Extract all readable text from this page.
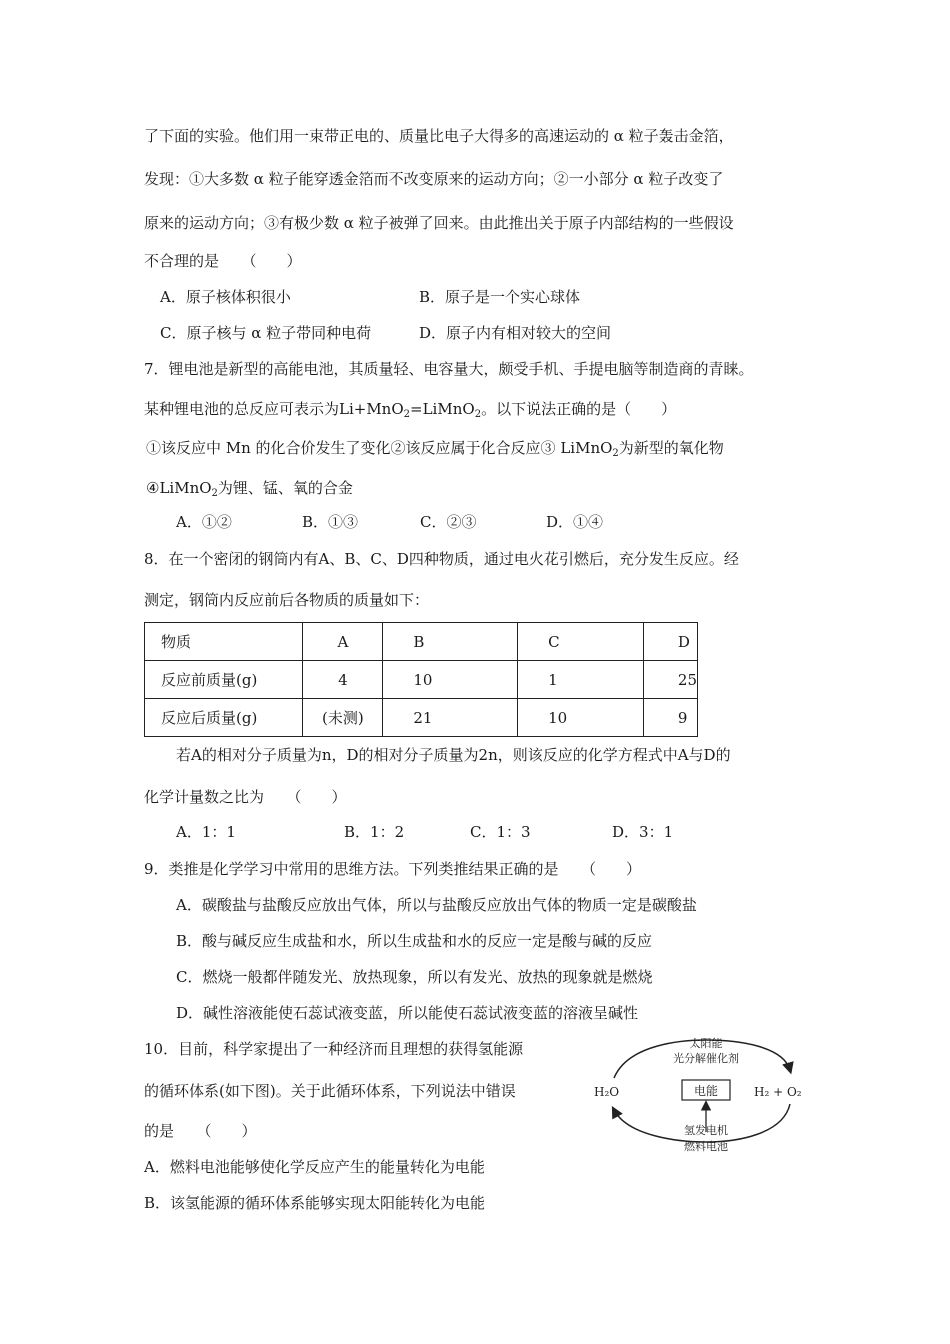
了下面的实验。他们用一束带正电的、质量比电子大得多的高速运动的 α 粒子轰击金箔，
发现：①大多数 α 粒子能穿透金箔而不改变原来的运动方向；②一小部分 α 粒子改变了
原来的运动方向；③有极少数 α 粒子被弹了回来。由此推出关于原子内部结构的一些假设
不合理的是　　（　　）
A．原子核体积很小	B．原子是一个实心球体
C．原子核与 α 粒子带同种电荷	D．原子内有相对较大的空间
7．锂电池是新型的高能电池，其质量轻、电容量大，颇受手机、手提电脑等制造商的青睐。
某种锂电池的总反应可表示为Li+MnO$_2$=LiMnO$_2$。以下说法正确的是（　　）
①该反应中 Mn 的化合价发生了变化②该反应属于化合反应③ LiMnO$_2$为新型的氧化物
④LiMnO$_2$为锂、锰、氧的合金
A．①②	B．①③	C．②③	D．①④
8．在一个密闭的钢筒内有A、B、C、D四种物质，通过电火花引燃后，充分发生反应。经
测定，钢筒内反应前后各物质的质量如下：
物质	A	B	C	D
反应前质量(g)	4	10	1	25
反应后质量(g)	(未测)	21	10	9
若A的相对分子质量为n，D的相对分子质量为2n，则该反应的化学方程式中A与D的
化学计量数之比为　　（　　）
A．1：1	B．1：2	C．1：3	D．3：1
9．类推是化学学习中常用的思维方法。下列类推结果正确的是　　（　　）
A．碳酸盐与盐酸反应放出气体，所以与盐酸反应放出气体的物质一定是碳酸盐
B．酸与碱反应生成盐和水，所以生成盐和水的反应一定是酸与碱的反应
C．燃烧一般都伴随发光、放热现象，所以有发光、放热的现象就是燃烧
D．碱性溶液能使石蕊试液变蓝，所以能使石蕊试液变蓝的溶液呈碱性
10．目前，科学家提出了一种经济而且理想的获得氢能源
的循环体系(如下图)。关于此循环体系，下列说法中错误
的是　　（　　）
A．燃料电池能够使化学反应产生的能量转化为电能
B．该氢能源的循环体系能够实现太阳能转化为电能
太阳能
光分解催化剂
H₂O	电能	H₂ + O₂
氢发电机
燃料电池
